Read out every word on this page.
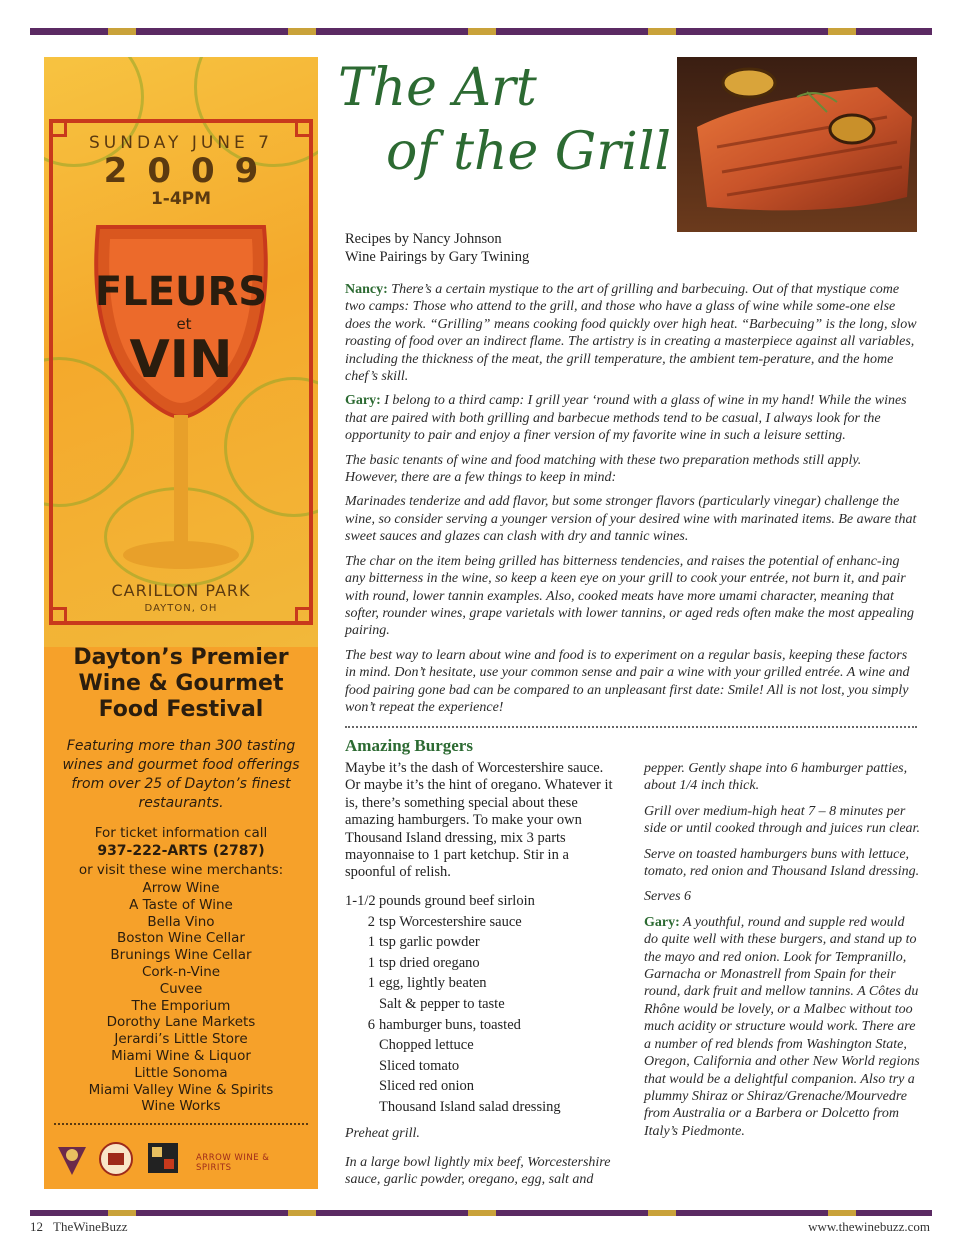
SUNDAY JUNE 7
2009
1-4PM
FLEURS
et
VIN
CARILLON PARK
DAYTON, OH
Dayton’s Premier
Wine & Gourmet
Food Festival
Featuring more than 300 tasting wines and gourmet food offerings from over 25 of Dayton’s finest restaurants.
For ticket information call
937-222-ARTS (2787)
or visit these wine merchants:
Arrow Wine
A Taste of Wine
Bella Vino
Boston Wine Cellar
Brunings Wine Cellar
Cork-n-Vine
Cuvee
The Emporium
Dorothy Lane Markets
Jerardi’s Little Store
Miami Wine & Liquor
Little Sonoma
Miami Valley Wine & Spirits
Wine Works
ARROW WINE & SPIRITS
The Art
of the Grill
Recipes by Nancy Johnson
Wine Pairings by Gary Twining

Nancy: There’s a certain mystique to the art of grilling and barbecuing. Out of that mystique come two camps: Those who attend to the grill, and those who have a glass of wine while some-one else does the work. “Grilling” means cooking food quickly over high heat. “Barbecuing” is the long, slow roasting of food over an indirect flame. The artistry is in creating a masterpiece against all variables, including the thickness of the meat, the grill temperature, the ambient tem-perature, and the home chef’s skill.

Gary: I belong to a third camp: I grill year ‘round with a glass of wine in my hand! While the wines that are paired with both grilling and barbecue methods tend to be casual, I always look for the opportunity to pair and enjoy a finer version of my favorite wine in such a leisure setting.

The basic tenants of wine and food matching with these two preparation methods still apply. However, there are a few things to keep in mind:

Marinades tenderize and add flavor, but some stronger flavors (particularly vinegar) challenge the wine, so consider serving a younger version of your desired wine with marinated items. Be aware that sweet sauces and glazes can clash with dry and tannic wines.

The char on the item being grilled has bitterness tendencies, and raises the potential of enhanc-ing any bitterness in the wine, so keep a keen eye on your grill to cook your entrée, not burn it, and pair with round, lower tannin examples. Also, cooked meats have more umami character, meaning that softer, rounder wines, grape varietals with lower tannins, or aged reds often make the most appealing pairing.

The best way to learn about wine and food is to experiment on a regular basis, keeping these factors in mind. Don’t hesitate, use your common sense and pair a wine with your grilled entrée. A wine and food pairing gone bad can be compared to an unpleasant first date: Smile! All is not lost, you simply won’t repeat the experience!

Amazing Burgers
Maybe it’s the dash of Worcestershire sauce. Or maybe it’s the hint of oregano. Whatever it is, there’s something special about these amazing hamburgers. To make your own Thousand Island dressing, mix 3 parts mayonnaise to 1 part ketchup. Stir in a spoonful of relish.
1-1/2 pounds ground beef sirloin
2 tsp Worcestershire sauce
1 tsp garlic powder
1 tsp dried oregano
1 egg, lightly beaten
Salt & pepper to taste
6 hamburger buns, toasted
Chopped lettuce
Sliced tomato
Sliced red onion
Thousand Island salad dressing
Preheat grill.
In a large bowl lightly mix beef, Worcestershire sauce, garlic powder, oregano, egg, salt and

pepper. Gently shape into 6 hamburger patties, about 1/4 inch thick.

Grill over medium-high heat 7 – 8 minutes per side or until cooked through and juices run clear.

Serve on toasted hamburgers buns with lettuce, tomato, red onion and Thousand Island dressing.

Serves 6

Gary: A youthful, round and supple red would do quite well with these burgers, and stand up to the mayo and red onion. Look for Tempranillo, Garnacha or Monastrell from Spain for their round, dark fruit and mellow tannins. A Côtes du Rhône would be lovely, or a Malbec without too much acidity or structure would work. There are a number of red blends from Washington State, Oregon, California and other New World regions that would be a delightful companion. Also try a plummy Shiraz or Shiraz/Grenache/Mourvedre from Australia or a Barbera or Dolcetto from Italy’s Piedmonte.

12 TheWineBuzz	www.thewinebuzz.com
